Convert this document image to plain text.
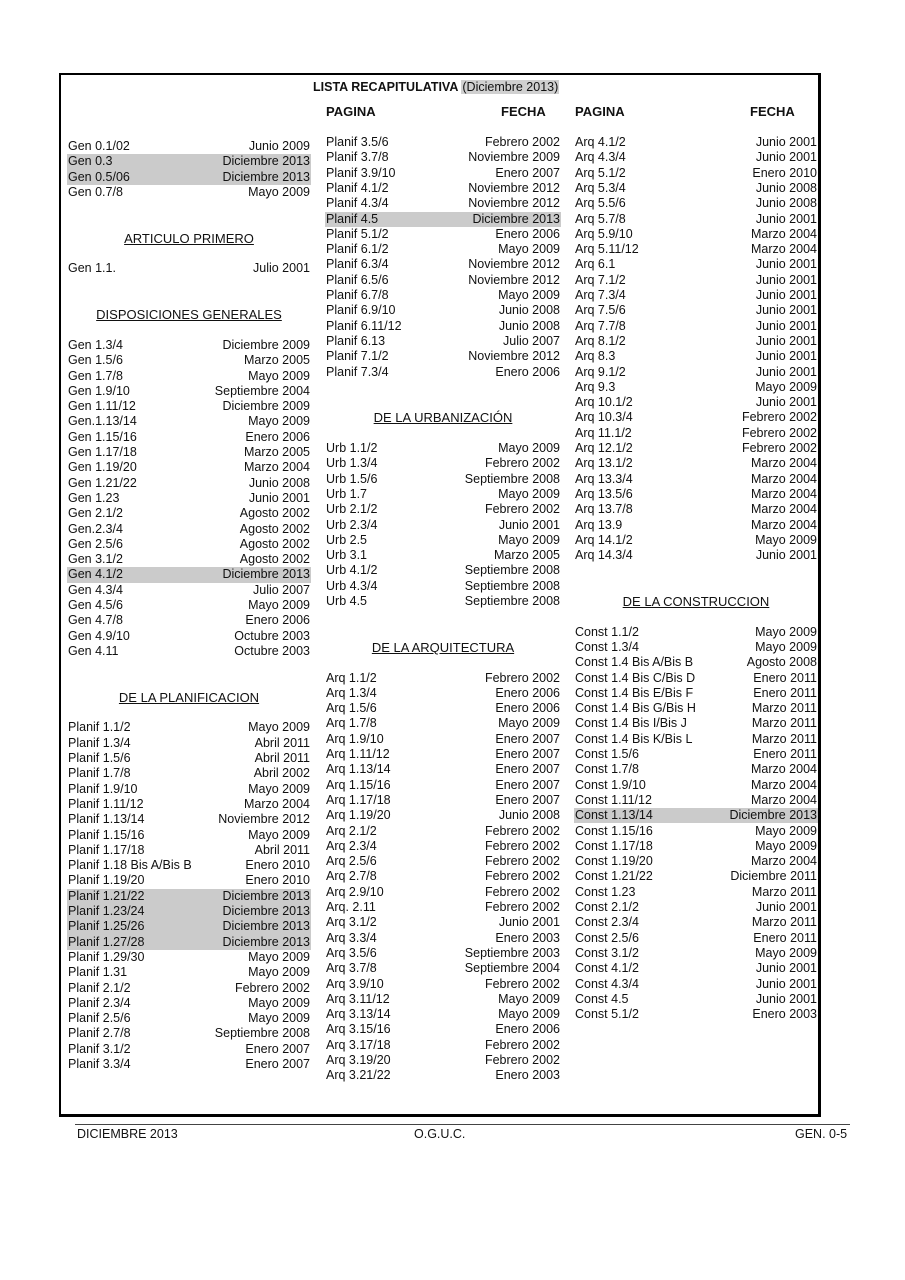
LISTA RECAPITULATIVA (Diciembre 2013)
PAGINA	FECHA PAGINA	FECHA
Gen 0.1/02	Junio 2009
Gen 0.3	Diciembre 2013
Gen 0.5/06	Diciembre 2013
Gen 0.7/8	Mayo 2009
ARTICULO PRIMERO
Gen 1.1.	Julio 2001
DISPOSICIONES GENERALES
Gen 1.3/4	Diciembre 2009
Gen 1.5/6	Marzo 2005
Gen 1.7/8	Mayo 2009
Gen 1.9/10	Septiembre 2004
Gen 1.11/12	Diciembre 2009
Gen.1.13/14	Mayo 2009
Gen 1.15/16	Enero 2006
Gen 1.17/18	Marzo 2005
Gen 1.19/20	Marzo 2004
Gen 1.21/22	Junio 2008
Gen 1.23	Junio 2001
Gen 2.1/2	Agosto 2002
Gen.2.3/4	Agosto 2002
Gen 2.5/6	Agosto 2002
Gen 3.1/2	Agosto 2002
Gen 4.1/2	Diciembre 2013
Gen 4.3/4	Julio 2007
Gen 4.5/6	Mayo 2009
Gen 4.7/8	Enero 2006
Gen 4.9/10	Octubre 2003
Gen 4.11	Octubre 2003
DE LA PLANIFICACION
Planif 1.1/2	Mayo 2009
Planif 1.3/4	Abril 2011
Planif 1.5/6	Abril 2011
Planif 1.7/8	Abril 2002
Planif 1.9/10	Mayo 2009
Planif 1.11/12	Marzo 2004
Planif 1.13/14	Noviembre 2012
Planif 1.15/16	Mayo 2009
Planif 1.17/18	Abril 2011
Planif 1.18 Bis A/Bis B	Enero 2010
Planif 1.19/20	Enero 2010
Planif 1.21/22	Diciembre 2013
Planif 1.23/24	Diciembre 2013
Planif 1.25/26	Diciembre 2013
Planif 1.27/28	Diciembre 2013
Planif 1.29/30	Mayo 2009
Planif 1.31	Mayo 2009
Planif 2.1/2	Febrero 2002
Planif 2.3/4	Mayo 2009
Planif 2.5/6	Mayo 2009
Planif 2.7/8	Septiembre 2008
Planif 3.1/2	Enero 2007
Planif 3.3/4	Enero 2007
Planif 3.5/6	Febrero 2002
Planif 3.7/8	Noviembre 2009
Planif 3.9/10	Enero 2007
Planif 4.1/2	Noviembre 2012
Planif 4.3/4	Noviembre 2012
Planif 4.5	Diciembre 2013
Planif 5.1/2	Enero 2006
Planif 6.1/2	Mayo 2009
Planif 6.3/4	Noviembre 2012
Planif 6.5/6	Noviembre 2012
Planif 6.7/8	Mayo 2009
Planif 6.9/10	Junio 2008
Planif 6.11/12	Junio 2008
Planif 6.13	Julio 2007
Planif 7.1/2	Noviembre 2012
Planif 7.3/4	Enero 2006
DE LA URBANIZACIÓN
Urb 1.1/2	Mayo 2009
Urb 1.3/4	Febrero 2002
Urb 1.5/6	Septiembre 2008
Urb 1.7	Mayo 2009
Urb 2.1/2	Febrero 2002
Urb 2.3/4	Junio 2001
Urb 2.5	Mayo 2009
Urb 3.1	Marzo 2005
Urb 4.1/2	Septiembre 2008
Urb 4.3/4	Septiembre 2008
Urb 4.5	Septiembre 2008
DE LA ARQUITECTURA
Arq 1.1/2	Febrero 2002
Arq 1.3/4	Enero 2006
Arq 1.5/6	Enero 2006
Arq 1.7/8	Mayo 2009
Arq 1.9/10	Enero 2007
Arq 1.11/12	Enero 2007
Arq 1.13/14	Enero 2007
Arq 1.15/16	Enero 2007
Arq 1.17/18	Enero 2007
Arq 1.19/20	Junio 2008
Arq 2.1/2	Febrero 2002
Arq 2.3/4	Febrero 2002
Arq 2.5/6	Febrero 2002
Arq 2.7/8	Febrero 2002
Arq 2.9/10	Febrero 2002
Arq. 2.11	Febrero 2002
Arq 3.1/2	Junio 2001
Arq 3.3/4	Enero 2003
Arq 3.5/6	Septiembre 2003
Arq 3.7/8	Septiembre 2004
Arq 3.9/10	Febrero 2002
Arq 3.11/12	Mayo 2009
Arq 3.13/14	Mayo 2009
Arq 3.15/16	Enero 2006
Arq 3.17/18	Febrero 2002
Arq 3.19/20	Febrero 2002
Arq 3.21/22	Enero 2003
Arq 4.1/2	Junio 2001
Arq 4.3/4	Junio 2001
Arq 5.1/2	Enero 2010
Arq 5.3/4	Junio 2008
Arq 5.5/6	Junio 2008
Arq 5.7/8	Junio 2001
Arq 5.9/10	Marzo 2004
Arq 5.11/12	Marzo 2004
Arq 6.1	Junio 2001
Arq 7.1/2	Junio 2001
Arq 7.3/4	Junio 2001
Arq 7.5/6	Junio 2001
Arq 7.7/8	Junio 2001
Arq 8.1/2	Junio 2001
Arq 8.3	Junio 2001
Arq 9.1/2	Junio 2001
Arq 9.3	Mayo 2009
Arq 10.1/2	Junio 2001
Arq 10.3/4	Febrero 2002
Arq 11.1/2	Febrero 2002
Arq 12.1/2	Febrero 2002
Arq 13.1/2	Marzo 2004
Arq 13.3/4	Marzo 2004
Arq 13.5/6	Marzo 2004
Arq 13.7/8	Marzo 2004
Arq 13.9	Marzo 2004
Arq 14.1/2	Mayo 2009
Arq 14.3/4	Junio 2001
DE LA CONSTRUCCION
Const 1.1/2	Mayo 2009
Const 1.3/4	Mayo 2009
Const 1.4 Bis A/Bis B	Agosto 2008
Const 1.4 Bis C/Bis D	Enero 2011
Const 1.4 Bis E/Bis F	Enero 2011
Const 1.4 Bis G/Bis H	Marzo 2011
Const 1.4 Bis I/Bis J	Marzo 2011
Const 1.4 Bis K/Bis L	Marzo 2011
Const 1.5/6	Enero 2011
Const 1.7/8	Marzo 2004
Const 1.9/10	Marzo 2004
Const 1.11/12	Marzo 2004
Const 1.13/14	Diciembre 2013
Const 1.15/16	Mayo 2009
Const 1.17/18	Mayo 2009
Const 1.19/20	Marzo 2004
Const 1.21/22	Diciembre 2011
Const 1.23	Marzo 2011
Const 2.1/2	Junio 2001
Const 2.3/4	Marzo 2011
Const 2.5/6	Enero 2011
Const 3.1/2	Mayo 2009
Const 4.1/2	Junio 2001
Const 4.3/4	Junio 2001
Const 4.5	Junio 2001
Const 5.1/2	Enero 2003
DICIEMBRE 2013	O.G.U.C.	GEN. 0-5
